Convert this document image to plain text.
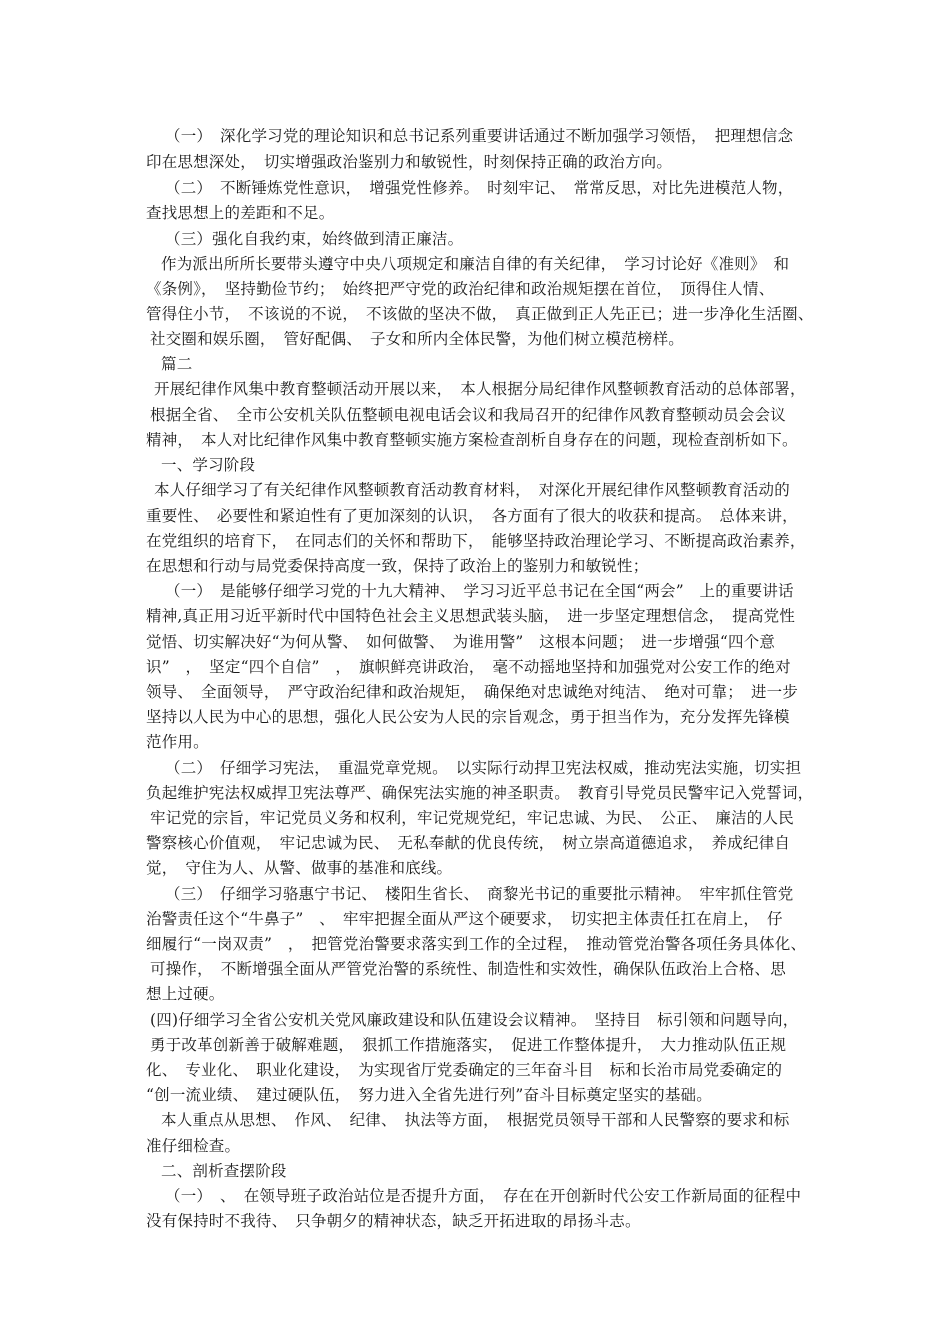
（一）　深化学习党的理论知识和总书记系列重要讲话通过不断加强学习领悟，　把理想信念
印在思想深处，　切实增强政治鉴别力和敏锐性，时刻保持正确的政治方向。
（二）　不断锤炼党性意识，　增强党性修养。　时刻牢记、　常常反思，对比先进模范人物，
查找思想上的差距和不足。
（三）强化自我约束，始终做到清正廉洁。
作为派出所所长要带头遵守中央八项规定和廉洁自律的有关纪律，　学习讨论好《准则》　和
《条例》，　坚持勤俭节约；　始终把严守党的政治纪律和政治规矩摆在首位，　顶得住人情、
管得住小节，　不该说的不说，　不该做的坚决不做，　真正做到正人先正已；进一步净化生活圈、
社交圈和娱乐圈，　管好配偶、　子女和所内全体民警，为他们树立模范榜样。
篇二
开展纪律作风集中教育整顿活动开展以来，　本人根据分局纪律作风整顿教育活动的总体部署，
根据全省、　全市公安机关队伍整顿电视电话会议和我局召开的纪律作风教育整顿动员会会议
精神，　本人对比纪律作风集中教育整顿实施方案检查剖析自身存在的问题，现检查剖析如下。
一、学习阶段
本人仔细学习了有关纪律作风整顿教育活动教育材料，　对深化开展纪律作风整顿教育活动的
重要性、　必要性和紧迫性有了更加深刻的认识，　各方面有了很大的收获和提高。　总体来讲，
在党组织的培育下，　在同志们的关怀和帮助下，　能够坚持政治理论学习、不断提高政治素养，
在思想和行动与局党委保持高度一致，保持了政治上的鉴别力和敏锐性；
（一）　是能够仔细学习党的十九大精神、　学习习近平总书记在全国“两会”　上的重要讲话
精神,真正用习近平新时代中国特色社会主义思想武装头脑，　进一步坚定理想信念，　提高党性
觉悟、切实解决好“为何从警、　如何做警、　为谁用警”　这根本问题；　进一步增强“四个意
识”　，　坚定“四个自信”　，　旗帜鲜亮讲政治，　毫不动摇地坚持和加强党对公安工作的绝对
领导、　全面领导，　严守政治纪律和政治规矩，　确保绝对忠诚绝对纯洁、　绝对可靠；　进一步
坚持以人民为中心的思想，强化人民公安为人民的宗旨观念，勇于担当作为，充分发挥先锋模
范作用。
（二）　仔细学习宪法，　重温党章党规。　以实际行动捍卫宪法权威，推动宪法实施，切实担
负起维护宪法权威捍卫宪法尊严、确保宪法实施的神圣职责。　教育引导党员民警牢记入党誓词，
牢记党的宗旨，牢记党员义务和权利，牢记党规党纪，牢记忠诚、为民、　公正、　廉洁的人民
警察核心价值观，　牢记忠诚为民、　无私奉献的优良传统，　树立崇高道德追求，　养成纪律自
觉，　守住为人、从警、做事的基准和底线。
（三）　仔细学习骆惠宁书记、　楼阳生省长、　商黎光书记的重要批示精神。　牢牢抓住管党
治警责任这个“牛鼻子”　、　牢牢把握全面从严这个硬要求，　切实把主体责任扛在肩上，　仔
细履行“一岗双责”　，　把管党治警要求落实到工作的全过程，　推动管党治警各项任务具体化、
可操作，　不断增强全面从严管党治警的系统性、制造性和实效性，确保队伍政治上合格、思
想上过硬。
(四)仔细学习全省公安机关党风廉政建设和队伍建设会议精神。　坚持目　标引领和问题导向，
勇于改革创新善于破解难题，　狠抓工作措施落实，　促进工作整体提升，　大力推动队伍正规
化、　专业化、　职业化建设，　为实现省厅党委确定的三年奋斗目　标和长治市局党委确定的
“创一流业绩、　建过硬队伍，　努力进入全省先进行列”奋斗目标奠定坚实的基础。
本人重点从思想、　作风、　纪律、　执法等方面，　根据党员领导干部和人民警察的要求和标
准仔细检查。
二、剖析查摆阶段
（一）　、　在领导班子政治站位是否提升方面，　存在在开创新时代公安工作新局面的征程中
没有保持时不我待、　只争朝夕的精神状态，缺乏开拓进取的昂扬斗志。
